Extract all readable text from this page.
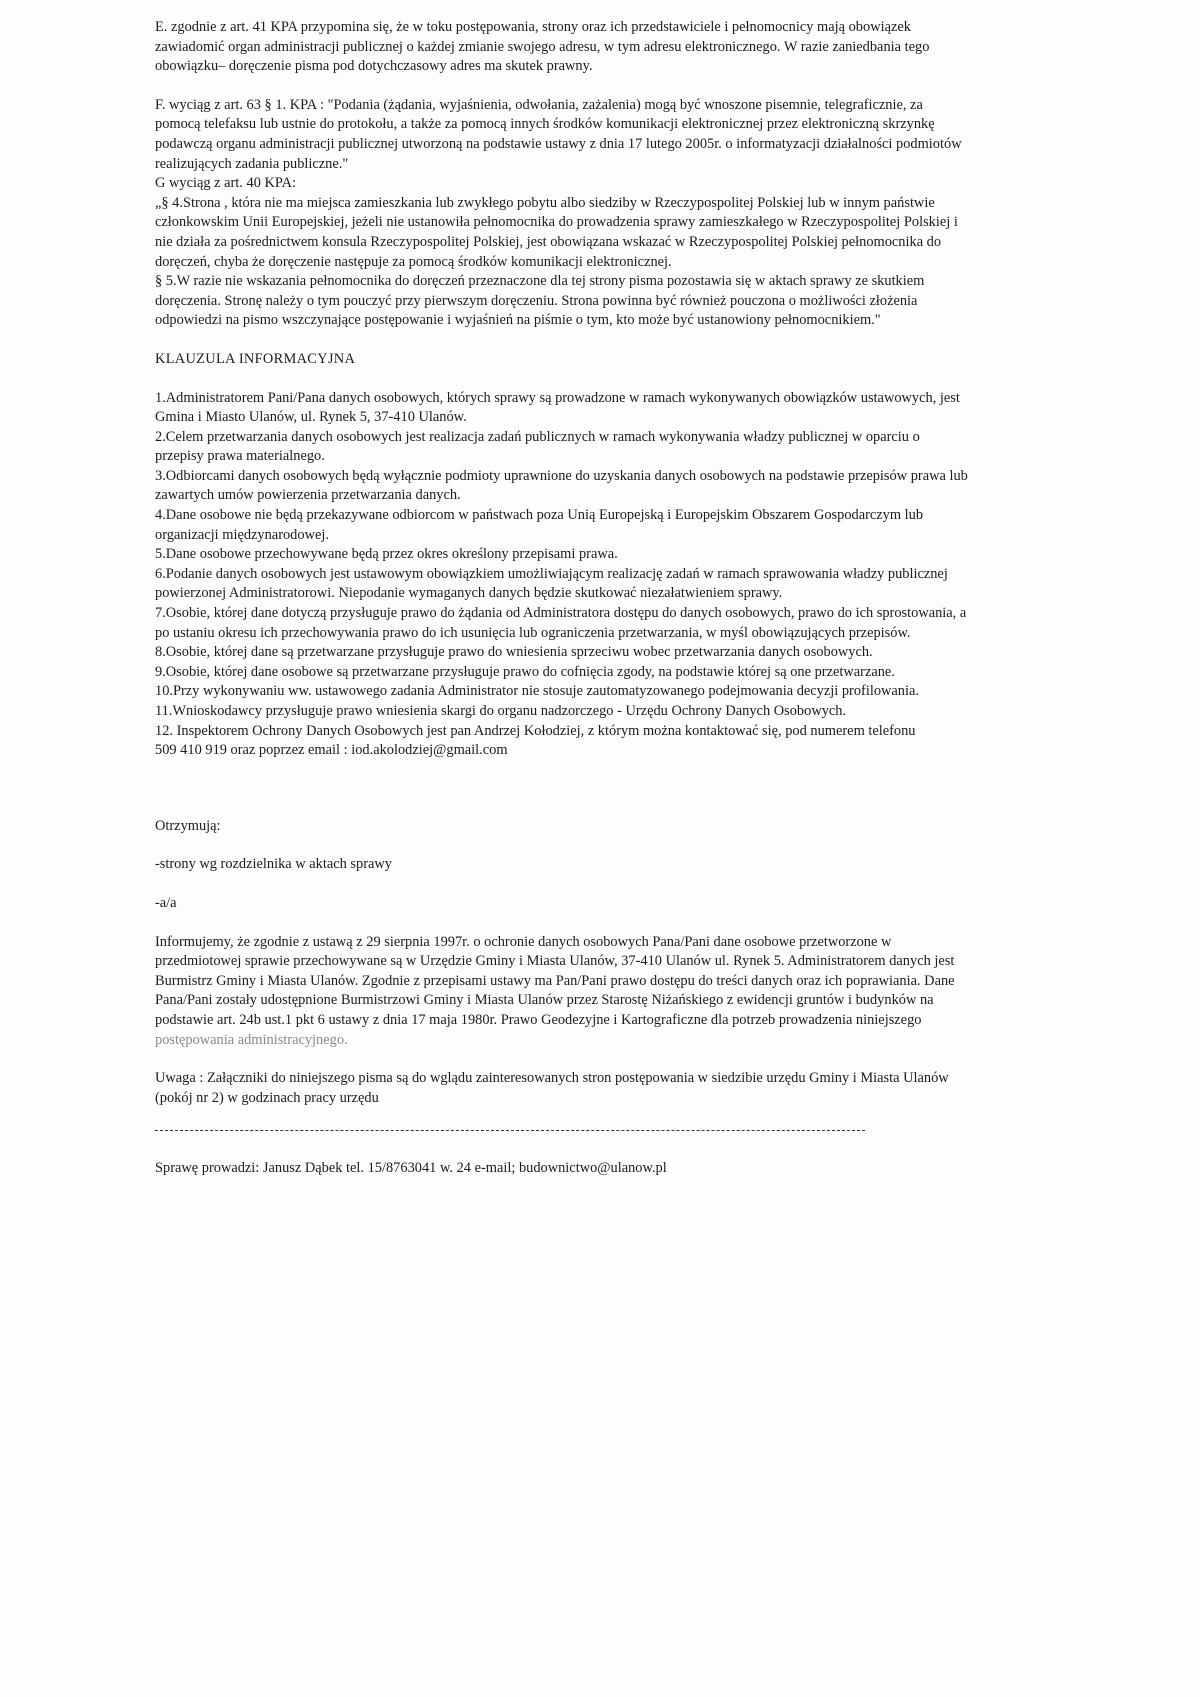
E. zgodnie z art. 41 KPA przypomina się, że w toku postępowania, strony oraz ich przedstawiciele i pełnomocnicy mają obowiązek

zawiadomić organ administracji publicznej o każdej zmianie swojego adresu, w tym adresu elektronicznego. W razie zaniedbania tego

obowiązku– doręczenie pisma pod dotychczasowy adres ma skutek prawny.

F. wyciąg z art. 63 § 1. KPA : "Podania (żądania, wyjaśnienia, odwołania, zażalenia) mogą być wnoszone pisemnie, telegraficznie, za

pomocą telefaksu lub ustnie do protokołu, a także za pomocą innych środków komunikacji elektronicznej przez elektroniczną skrzynkę

podawczą organu administracji publicznej utworzoną na podstawie ustawy z dnia 17 lutego 2005r. o informatyzacji działalności podmiotów

realizujących zadania publiczne."

G wyciąg z art. 40 KPA:

„§ 4.Strona , która nie ma miejsca zamieszkania lub zwykłego pobytu albo siedziby w Rzeczypospolitej Polskiej lub w innym państwie

członkowskim Unii Europejskiej, jeżeli nie ustanowiła pełnomocnika do prowadzenia sprawy zamieszkałego w Rzeczypospolitej Polskiej i

nie działa za pośrednictwem konsula Rzeczypospolitej Polskiej, jest obowiązana wskazać w Rzeczypospolitej Polskiej pełnomocnika do

doręczeń, chyba że doręczenie następuje za pomocą środków komunikacji elektronicznej.

§ 5.W razie nie wskazania pełnomocnika do doręczeń przeznaczone dla tej strony pisma pozostawia się w aktach sprawy ze skutkiem

doręczenia. Stronę należy o tym pouczyć przy pierwszym doręczeniu. Strona powinna być również pouczona o możliwości złożenia

odpowiedzi na pismo wszczynające postępowanie i wyjaśnień na piśmie o tym, kto może być ustanowiony pełnomocnikiem."

KLAUZULA INFORMACYJNA

1.Administratorem Pani/Pana danych osobowych, których sprawy są prowadzone w ramach wykonywanych obowiązków ustawowych, jest

Gmina i Miasto Ulanów, ul. Rynek 5, 37-410 Ulanów.

2.Celem przetwarzania danych osobowych jest realizacja zadań publicznych w ramach wykonywania władzy publicznej w oparciu o

przepisy prawa materialnego.

3.Odbiorcami danych osobowych będą wyłącznie podmioty uprawnione do uzyskania danych osobowych na podstawie przepisów prawa lub

zawartych umów powierzenia przetwarzania danych.

4.Dane osobowe nie będą przekazywane odbiorcom w państwach poza Unią Europejską i Europejskim Obszarem Gospodarczym lub

organizacji międzynarodowej.

5.Dane osobowe przechowywane będą przez okres określony przepisami prawa.

6.Podanie danych osobowych jest ustawowym obowiązkiem umożliwiającym realizację zadań w ramach sprawowania władzy publicznej

powierzonej Administratorowi. Niepodanie wymaganych danych będzie skutkować niezałatwieniem sprawy.

7.Osobie, której dane dotyczą przysługuje prawo do żądania od Administratora dostępu do danych osobowych, prawo do ich sprostowania, a

po ustaniu okresu ich przechowywania prawo do ich usunięcia lub ograniczenia przetwarzania, w myśl obowiązujących przepisów.

8.Osobie, której dane są przetwarzane przysługuje prawo do wniesienia sprzeciwu wobec przetwarzania danych osobowych.

9.Osobie, której dane osobowe są przetwarzane przysługuje prawo do cofnięcia zgody, na podstawie której są one przetwarzane.

10.Przy wykonywaniu ww. ustawowego zadania Administrator nie stosuje zautomatyzowanego podejmowania decyzji profilowania.

11.Wnioskodawcy przysługuje prawo wniesienia skargi do organu nadzorczego - Urzędu Ochrony Danych Osobowych.

12. Inspektorem Ochrony Danych Osobowych jest pan Andrzej Kołodziej, z którym można kontaktować się, pod numerem telefonu

509 410 919 oraz poprzez email : iod.akolodziej@gmail.com

Otrzymują:

-strony wg rozdzielnika w aktach sprawy

-a/a

Informujemy, że zgodnie z ustawą z 29 sierpnia 1997r. o ochronie danych osobowych Pana/Pani dane osobowe przetworzone w

przedmiotowej sprawie przechowywane są w Urzędzie Gminy i Miasta Ulanów, 37-410 Ulanów ul. Rynek 5. Administratorem danych jest

Burmistrz Gminy i Miasta Ulanów. Zgodnie z przepisami ustawy ma Pan/Pani prawo dostępu do treści danych oraz ich poprawiania. Dane

Pana/Pani zostały udostępnione Burmistrzowi Gminy i Miasta Ulanów przez Starostę Niżańskiego z ewidencji gruntów i budynków na

podstawie art. 24b ust.1 pkt 6 ustawy z dnia 17 maja 1980r. Prawo Geodezyjne i Kartograficzne dla potrzeb prowadzenia niniejszego

postępowania administracyjnego.

Uwaga : Załączniki do niniejszego pisma są do wglądu zainteresowanych stron postępowania w siedzibie urzędu Gminy i Miasta Ulanów

(pokój nr 2) w godzinach pracy urzędu

Sprawę prowadzi: Janusz Dąbek tel. 15/8763041 w. 24 e-mail; budownictwo@ulanow.pl
